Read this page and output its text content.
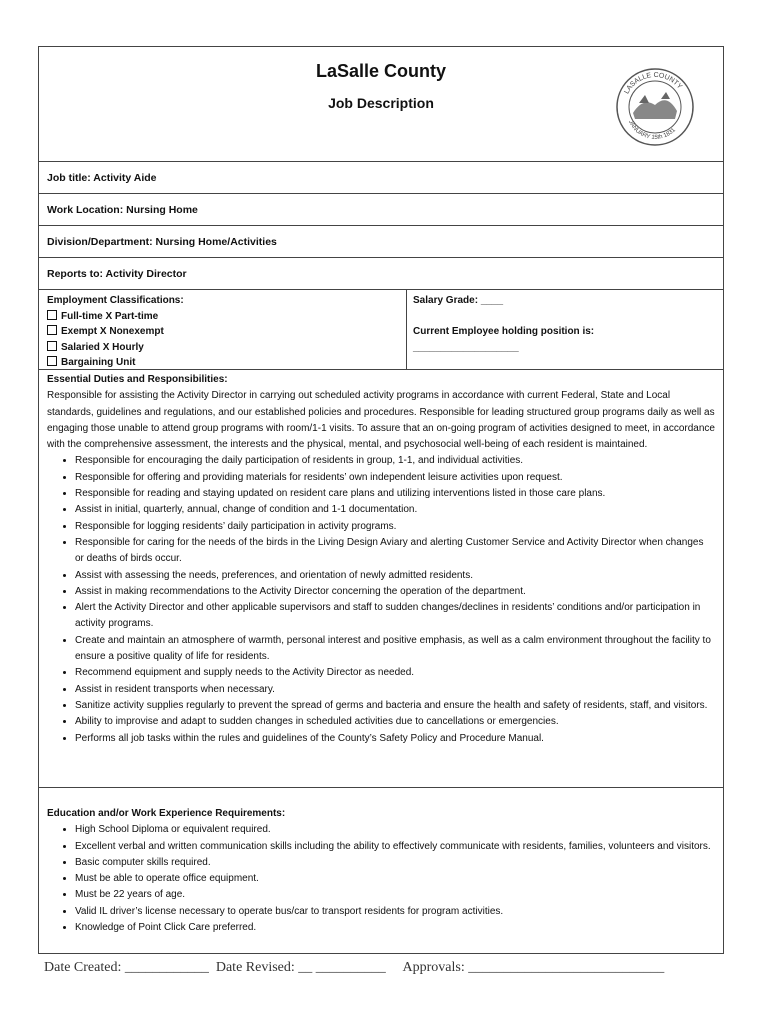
LaSalle County
Job Description
LASALLE COUNTY
JANUARY 15th 1831
Job title: Activity Aide
Work Location: Nursing Home
Division/Department: Nursing Home/Activities
Reports to: Activity Director
Employment Classifications:
Full-time X Part-time
Exempt X Nonexempt
Salaried X Hourly
Bargaining Unit
Salary Grade: ____
Current Employee holding position is:
___________________
Essential Duties and Responsibilities:
Responsible for assisting the Activity Director in carrying out scheduled activity programs in accordance with current Federal, State and Local standards, guidelines and regulations, and our established policies and procedures. Responsible for leading structured group programs daily as well as engaging those unable to attend group programs with room/1-1 visits. To assure that an on-going program of activities designed to meet, in accordance with the comprehensive assessment, the interests and the physical, mental, and psychosocial well-being of each resident is maintained.
• Responsible for encouraging the daily participation of residents in group, 1-1, and individual activities.
• Responsible for offering and providing materials for residents’ own independent leisure activities upon request.
• Responsible for reading and staying updated on resident care plans and utilizing interventions listed in those care plans.
• Assist in initial, quarterly, annual, change of condition and 1-1 documentation.
• Responsible for logging residents’ daily participation in activity programs.
• Responsible for caring for the needs of the birds in the Living Design Aviary and alerting Customer Service and Activity Director when changes or deaths of birds occur.
• Assist with assessing the needs, preferences, and orientation of newly admitted residents.
• Assist in making recommendations to the Activity Director concerning the operation of the department.
• Alert the Activity Director and other applicable supervisors and staff to sudden changes/declines in residents’ conditions and/or participation in activity programs.
• Create and maintain an atmosphere of warmth, personal interest and positive emphasis, as well as a calm environment throughout the facility to ensure a positive quality of life for residents.
• Recommend equipment and supply needs to the Activity Director as needed.
• Assist in resident transports when necessary.
• Sanitize activity supplies regularly to prevent the spread of germs and bacteria and ensure the health and safety of residents, staff, and visitors.
• Ability to improvise and adapt to sudden changes in scheduled activities due to cancellations or emergencies.
• Performs all job tasks within the rules and guidelines of the County’s Safety Policy and Procedure Manual.
Education and/or Work Experience Requirements:
• High School Diploma or equivalent required.
• Excellent verbal and written communication skills including the ability to effectively communicate with residents, families, volunteers and visitors.
• Basic computer skills required.
• Must be able to operate office equipment.
• Must be 22 years of age.
• Valid IL driver’s license necessary to operate bus/car to transport residents for program activities.
• Knowledge of Point Click Care preferred.
Date Created: ____________  Date Revised: __ __________     Approvals: ____________________________
